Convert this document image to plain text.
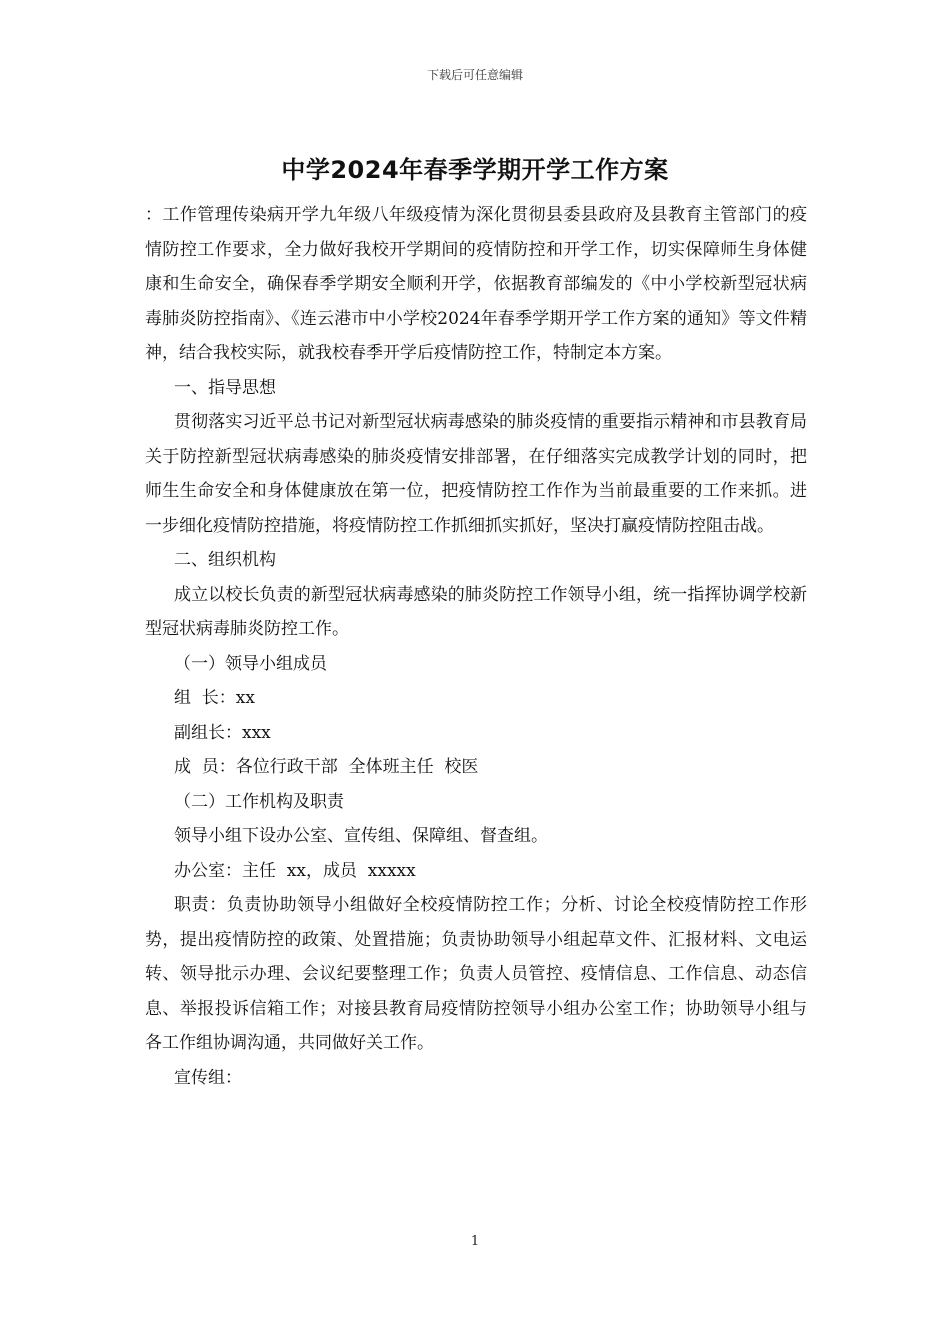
下载后可任意编辑
中学2024年春季学期开学工作方案

：工作管理传染病开学九年级八年级疫情为深化贯彻县委县政府及县教育主管部门的疫情防控工作要求，全力做好我校开学期间的疫情防控和开学工作，切实保障师生身体健康和生命安全，确保春季学期安全顺利开学，依据教育部编发的《中小学校新型冠状病毒肺炎防控指南》、《连云港市中小学校2024年春季学期开学工作方案的通知》等文件精神，结合我校实际，就我校春季开学后疫情防控工作，特制定本方案。

一、指导思想

贯彻落实习近平总书记对新型冠状病毒感染的肺炎疫情的重要指示精神和市县教育局关于防控新型冠状病毒感染的肺炎疫情安排部署，在仔细落实完成教学计划的同时，把师生生命安全和身体健康放在第一位，把疫情防控工作作为当前最重要的工作来抓。进一步细化疫情防控措施，将疫情防控工作抓细抓实抓好，坚决打赢疫情防控阻击战。

二、组织机构

成立以校长负责的新型冠状病毒感染的肺炎防控工作领导小组，统一指挥协调学校新型冠状病毒肺炎防控工作。

（一）领导小组成员

组  长：xx

副组长：xxx

成  员：各位行政干部  全体班主任  校医

（二）工作机构及职责

领导小组下设办公室、宣传组、保障组、督查组。

办公室：主任  xx，成员  xxxxx

职责：负责协助领导小组做好全校疫情防控工作；分析、讨论全校疫情防控工作形势，提出疫情防控的政策、处置措施；负责协助领导小组起草文件、汇报材料、文电运转、领导批示办理、会议纪要整理工作；负责人员管控、疫情信息、工作信息、动态信息、举报投诉信箱工作；对接县教育局疫情防控领导小组办公室工作；协助领导小组与各工作组协调沟通，共同做好关工作。

宣传组：

1
